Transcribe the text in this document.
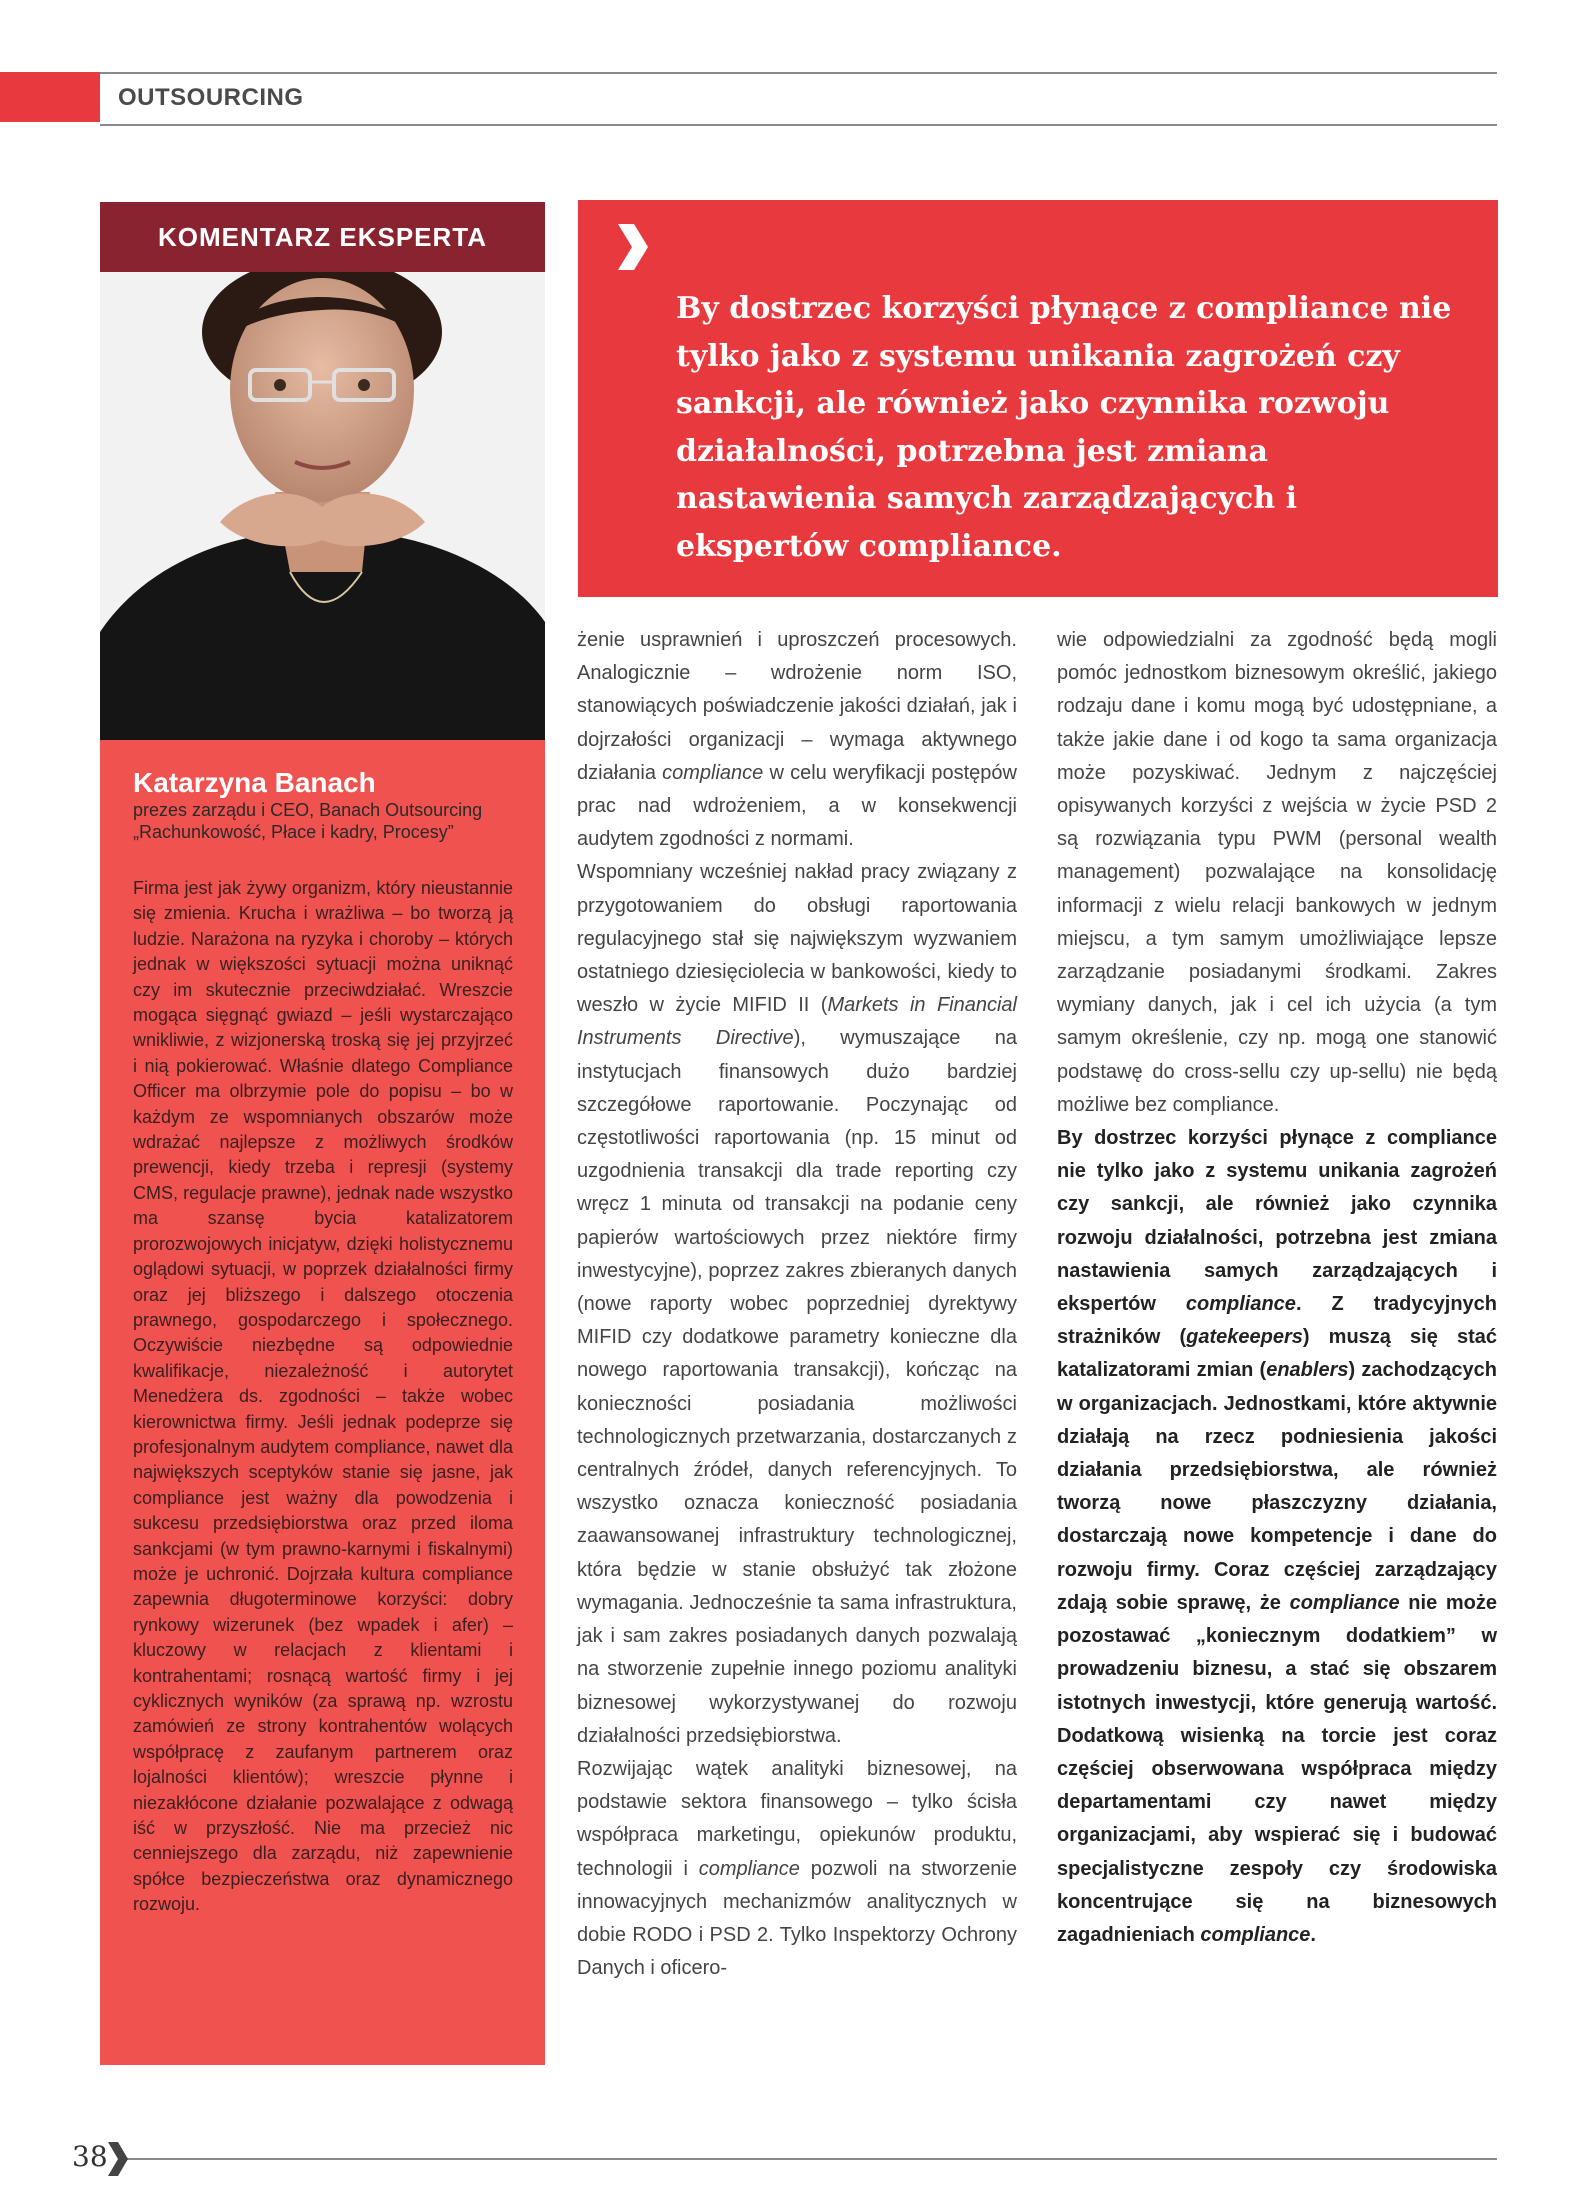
OUTSOURCING
KOMENTARZ EKSPERTA
Katarzyna Banach
prezes zarządu i CEO, Banach Outsourcing
„Rachunkowość, Płace i kadry, Procesy”

Firma jest jak żywy organizm, który nieustannie się zmienia. Krucha i wrażliwa – bo tworzą ją ludzie. Narażona na ryzyka i choroby – których jednak w większości sytuacji można uniknąć czy im skutecznie przeciwdziałać. Wreszcie mogąca sięgnąć gwiazd – jeśli wystarczająco wnikliwie, z wizjonerską troską się jej przyjrzeć i nią pokierować. Właśnie dlatego Compliance Officer ma olbrzymie pole do popisu – bo w każdym ze wspomnianych obszarów może wdrażać najlepsze z możliwych środków prewencji, kiedy trzeba i represji (systemy CMS, regulacje prawne), jednak nade wszystko ma szansę bycia katalizatorem prorozwojowych inicjatyw, dzięki holistycznemu oglądowi sytuacji, w poprzek działalności firmy oraz jej bliższego i dalszego otoczenia prawnego, gospodarczego i społecznego. Oczywiście niezbędne są odpowiednie kwalifikacje, niezależność i autorytet Menedżera ds. zgodności – także wobec kierownictwa firmy. Jeśli jednak podeprze się profesjonalnym audytem compliance, nawet dla największych sceptyków stanie się jasne, jak compliance jest ważny dla powodzenia i sukcesu przedsiębiorstwa oraz przed iloma sankcjami (w tym prawno-karnymi i fiskalnymi) może je uchronić. Dojrzała kultura compliance zapewnia długoterminowe korzyści: dobry rynkowy wizerunek (bez wpadek i afer) – kluczowy w relacjach z klientami i kontrahentami; rosnącą wartość firmy i jej cyklicznych wyników (za sprawą np. wzrostu zamówień ze strony kontrahentów wolących współpracę z zaufanym partnerem oraz lojalności klientów); wreszcie płynne i niezakłócone działanie pozwalające z odwagą iść w przyszłość. Nie ma przecież nic cenniejszego dla zarządu, niż zapewnienie spółce bezpieczeństwa oraz dynamicznego rozwoju.

By dostrzec korzyści płynące z compliance nie tylko jako z systemu unikania zagrożeń czy sankcji, ale również jako czynnika rozwoju działalności, potrzebna jest zmiana nastawienia samych zarządzających i ekspertów compliance.

żenie usprawnień i uproszczeń procesowych. Analogicznie – wdrożenie norm ISO, stanowiących poświadczenie jakości działań, jak i dojrzałości organizacji – wymaga aktywnego działania compliance w celu weryfikacji postępów prac nad wdrożeniem, a w konsekwencji audytem zgodności z normami.

Wspomniany wcześniej nakład pracy związany z przygotowaniem do obsługi raportowania regulacyjnego stał się największym wyzwaniem ostatniego dziesięciolecia w bankowości, kiedy to weszło w życie MIFID II (Markets in Financial Instruments Directive), wymuszające na instytucjach finansowych dużo bardziej szczegółowe raportowanie. Poczynając od częstotliwości raportowania (np. 15 minut od uzgodnienia transakcji dla trade reporting czy wręcz 1 minuta od transakcji na podanie ceny papierów wartościowych przez niektóre firmy inwestycyjne), poprzez zakres zbieranych danych (nowe raporty wobec poprzedniej dyrektywy MIFID czy dodatkowe parametry konieczne dla nowego raportowania transakcji), kończąc na konieczności posiadania możliwości technologicznych przetwarzania, dostarczanych z centralnych źródeł, danych referencyjnych. To wszystko oznacza konieczność posiadania zaawansowanej infrastruktury technologicznej, która będzie w stanie obsłużyć tak złożone wymagania. Jednocześnie ta sama infrastruktura, jak i sam zakres posiadanych danych pozwalają na stworzenie zupełnie innego poziomu analityki biznesowej wykorzystywanej do rozwoju działalności przedsiębiorstwa.

Rozwijając wątek analityki biznesowej, na podstawie sektora finansowego – tylko ścisła współpraca marketingu, opiekunów produktu, technologii i compliance pozwoli na stworzenie innowacyjnych mechanizmów analitycznych w dobie RODO i PSD 2. Tylko Inspektorzy Ochrony Danych i oficero-

wie odpowiedzialni za zgodność będą mogli pomóc jednostkom biznesowym określić, jakiego rodzaju dane i komu mogą być udostępniane, a także jakie dane i od kogo ta sama organizacja może pozyskiwać. Jednym z najczęściej opisywanych korzyści z wejścia w życie PSD 2 są rozwiązania typu PWM (personal wealth management) pozwalające na konsolidację informacji z wielu relacji bankowych w jednym miejscu, a tym samym umożliwiające lepsze zarządzanie posiadanymi środkami. Zakres wymiany danych, jak i cel ich użycia (a tym samym określenie, czy np. mogą one stanowić podstawę do cross-sellu czy up-sellu) nie będą możliwe bez compliance.

By dostrzec korzyści płynące z compliance nie tylko jako z systemu unikania zagrożeń czy sankcji, ale również jako czynnika rozwoju działalności, potrzebna jest zmiana nastawienia samych zarządzających i ekspertów compliance. Z tradycyjnych strażników (gatekeepers) muszą się stać katalizatorami zmian (enablers) zachodzących w organizacjach. Jednostkami, które aktywnie działają na rzecz podniesienia jakości działania przedsiębiorstwa, ale również tworzą nowe płaszczyzny działania, dostarczają nowe kompetencje i dane do rozwoju firmy. Coraz częściej zarządzający zdają sobie sprawę, że compliance nie może pozostawać „koniecznym dodatkiem” w prowadzeniu biznesu, a stać się obszarem istotnych inwestycji, które generują wartość. Dodatkową wisienką na torcie jest coraz częściej obserwowana współpraca między departamentami czy nawet między organizacjami, aby wspierać się i budować specjalistyczne zespoły czy środowiska koncentrujące się na biznesowych zagadnieniach compliance.

38
